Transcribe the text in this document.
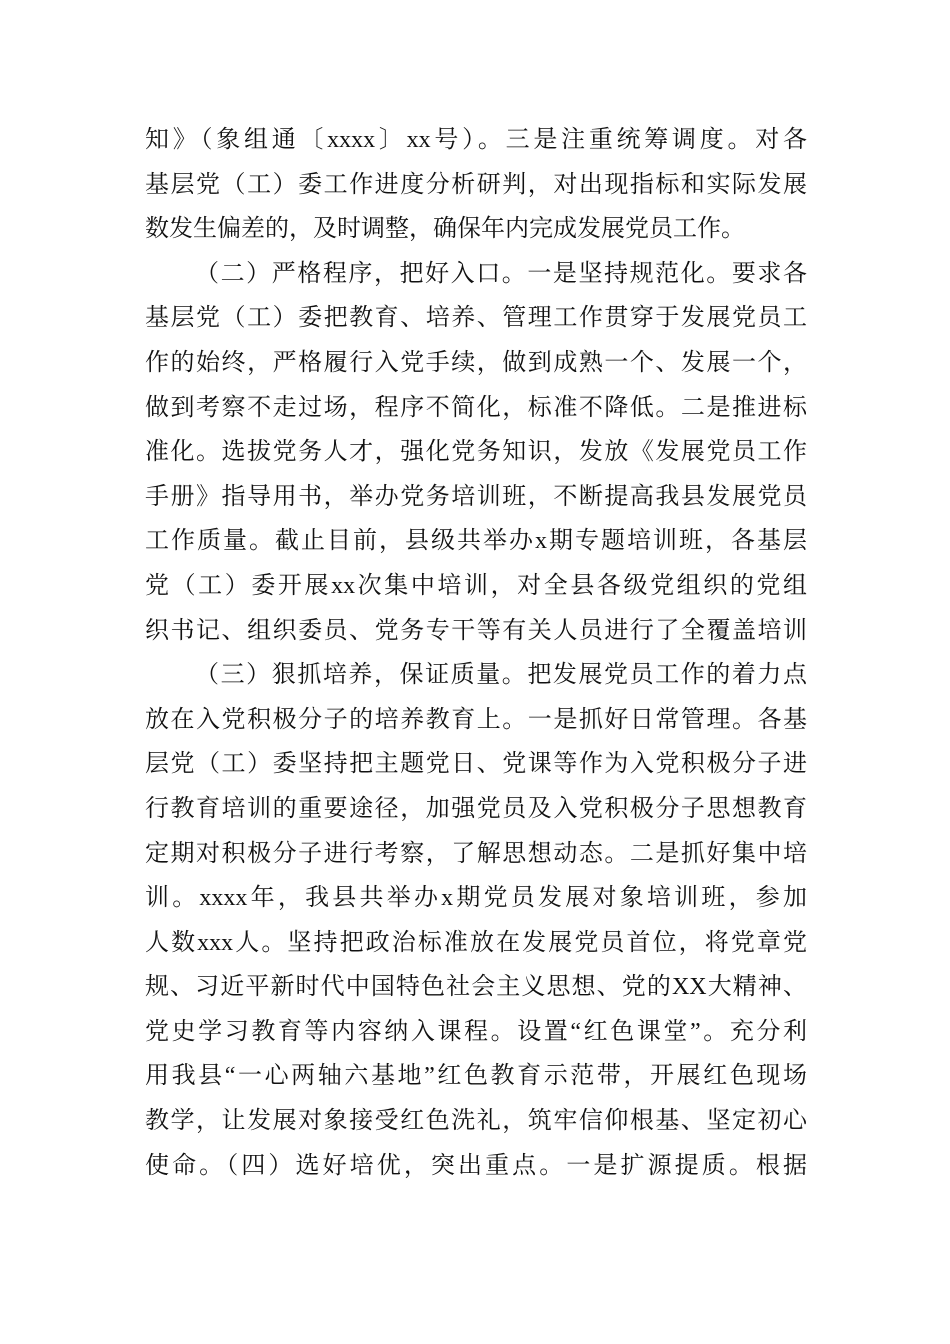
知》（象组通〔xxxx〕xx号）。三是注重统筹调度。对各
基层党（工）委工作进度分析研判，对出现指标和实际发展
数发生偏差的，及时调整，确保年内完成发展党员工作。
（二）严格程序，把好入口。一是坚持规范化。要求各
基层党（工）委把教育、培养、管理工作贯穿于发展党员工
作的始终，严格履行入党手续，做到成熟一个、发展一个，
做到考察不走过场，程序不简化，标准不降低。二是推进标
准化。选拔党务人才，强化党务知识，发放《发展党员工作
手册》指导用书，举办党务培训班，不断提高我县发展党员
工作质量。截止目前，县级共举办x期专题培训班，各基层
党（工）委开展xx次集中培训，对全县各级党组织的党组
织书记、组织委员、党务专干等有关人员进行了全覆盖培训
（三）狠抓培养，保证质量。把发展党员工作的着力点
放在入党积极分子的培养教育上。一是抓好日常管理。各基
层党（工）委坚持把主题党日、党课等作为入党积极分子进
行教育培训的重要途径，加强党员及入党积极分子思想教育
定期对积极分子进行考察，了解思想动态。二是抓好集中培
训。xxxx年，我县共举办x期党员发展对象培训班，参加
人数xxx人。坚持把政治标准放在发展党员首位，将党章党
规、习近平新时代中国特色社会主义思想、党的XX大精神、
党史学习教育等内容纳入课程。设置“红色课堂”。充分利
用我县“一心两轴六基地”红色教育示范带，开展红色现场
教学，让发展对象接受红色洗礼，筑牢信仰根基、坚定初心
使命。（四）选好培优，突出重点。一是扩源提质。根据
